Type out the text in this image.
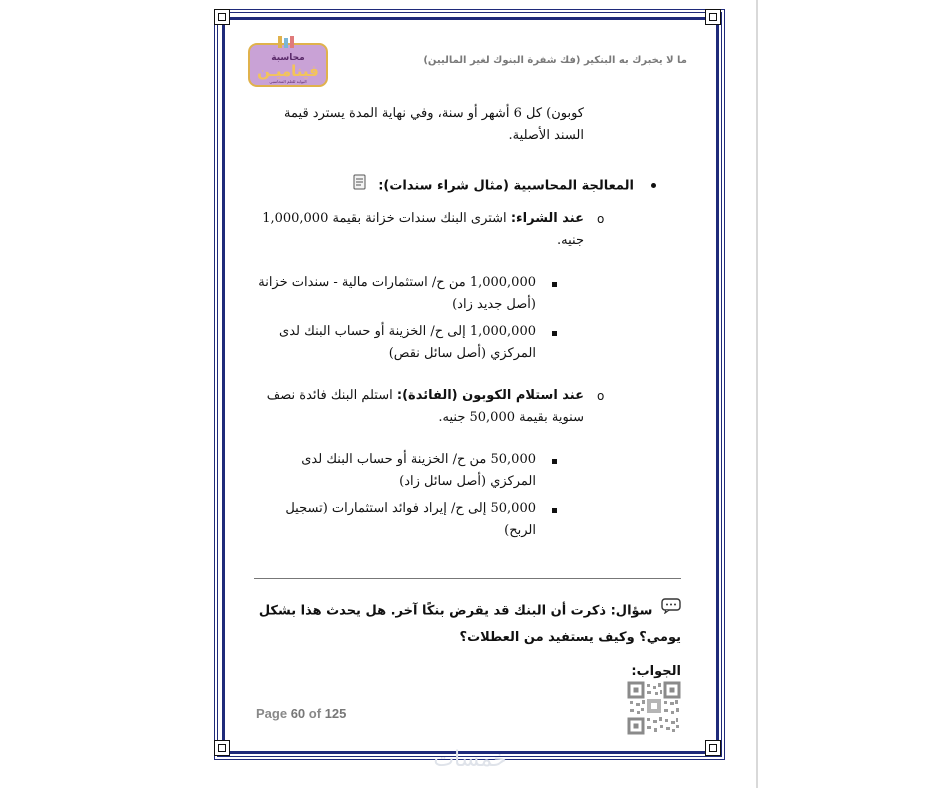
محاسبة
فيناميـن
البوابة للعلم المحاسبي
ما لا يخبرك به البنكير (فك شفرة البنوك لغير الماليين)
كوبون) كل 6 أشهر أو سنة، وفي نهاية المدة يسترد قيمة السند الأصلية.
المعالجة المحاسبية (مثال شراء سندات):
o
عند الشراء: اشترى البنك سندات خزانة بقيمة 1,000,000 جنيه.
1,000,000 من ح/ استثمارات مالية - سندات خزانة (أصل جديد زاد)
1,000,000 إلى ح/ الخزينة أو حساب البنك لدى المركزي (أصل سائل نقص)
o
عند استلام الكوبون (الفائدة): استلم البنك فائدة نصف سنوية بقيمة 50,000 جنيه.
50,000 من ح/ الخزينة أو حساب البنك لدى المركزي (أصل سائل زاد)
50,000 إلى ح/ إيراد فوائد استثمارات (تسجيل الربح)
سؤال: ذكرت أن البنك قد يقرض بنكًا آخر. هل يحدث هذا بشكل يومي؟ وكيف يستفيد من العطلات؟
الجواب:
Page 60 of 125
خمسات
